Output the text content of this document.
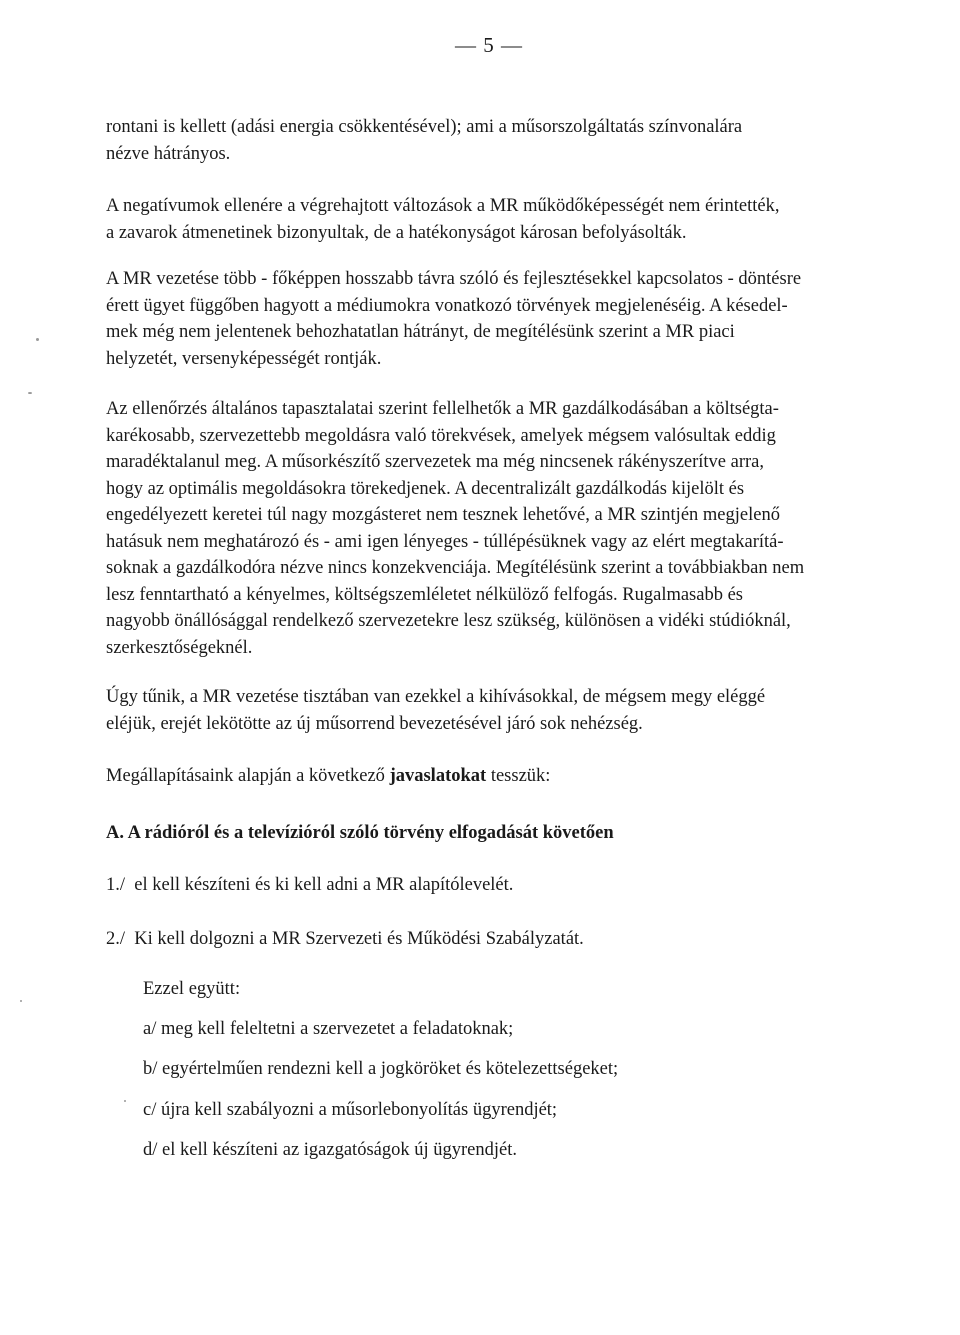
— 5 —

rontani is kellett (adási energia csökkentésével); ami a műsorszolgáltatás színvonalára
nézve hátrányos.

A negatívumok ellenére a végrehajtott változások a MR működőképességét nem érintették,
a zavarok átmenetinek bizonyultak, de a hatékonyságot károsan befolyásolták.

A MR vezetése több - főképpen hosszabb távra szóló és fejlesztésekkel kapcsolatos - döntésre
érett ügyet függőben hagyott a médiumokra vonatkozó törvények megjelenéséig. A késedel-
mek még nem jelentenek behozhatatlan hátrányt, de megítélésünk szerint a MR piaci
helyzetét, versenyképességét rontják.

Az ellenőrzés általános tapasztalatai szerint fellelhetők a MR gazdálkodásában a költségta-
karékosabb, szervezettebb megoldásra való törekvések, amelyek mégsem valósultak eddig
maradéktalanul meg. A műsorkészítő szervezetek ma még nincsenek rákényszerítve arra,
hogy az optimális megoldásokra törekedjenek. A decentralizált gazdálkodás kijelölt és
engedélyezett keretei túl nagy mozgásteret nem tesznek lehetővé, a MR szintjén megjelenő
hatásuk nem meghatározó és - ami igen lényeges - túllépésüknek vagy az elért megtakarítá-
soknak a gazdálkodóra nézve nincs konzekvenciája. Megítélésünk szerint a továbbiakban nem
lesz fenntartható a kényelmes, költségszemléletet nélkülöző felfogás. Rugalmasabb és
nagyobb önállósággal rendelkező szervezetekre lesz szükség, különösen a vidéki stúdióknál,
szerkesztőségeknél.

Úgy tűnik, a MR vezetése tisztában van ezekkel a kihívásokkal, de mégsem megy eléggé
eléjük, erejét lekötötte az új műsorrend bevezetésével járó sok nehézség.

Megállapításaink alapján a következő javaslatokat tesszük:

A. A rádióról és a televízióról szóló törvény elfogadását követően

1./ el kell készíteni és ki kell adni a MR alapítólevelét.

2./ Ki kell dolgozni a MR Szervezeti és Működési Szabályzatát.

Ezzel együtt:

a/ meg kell feleltetni a szervezetet a feladatoknak;

b/ egyértelműen rendezni kell a jogköröket és kötelezettségeket;

c/ újra kell szabályozni a műsorlebonyolítás ügyrendjét;

d/ el kell készíteni az igazgatóságok új ügyrendjét.
